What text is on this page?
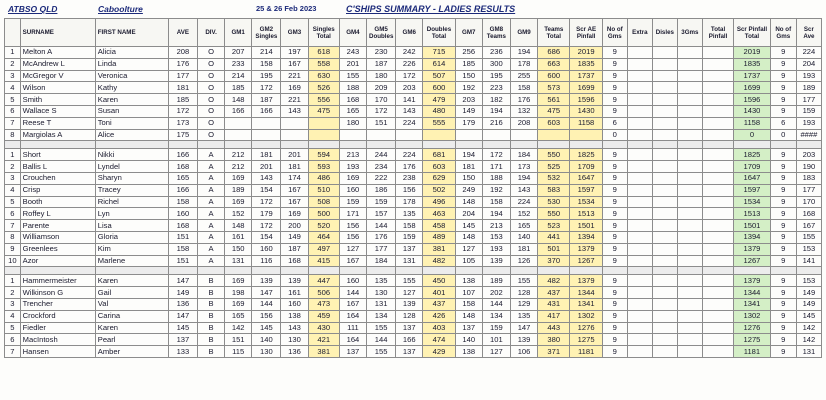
ATBSO QLD	Caboolture	25 & 26 Feb 2023	C'SHIPS SUMMARY - LADIES RESULTS
	SURNAME	FIRST NAME	AVE	DIV.	GM1	GM2 Singles	GM3	Singles Total	GM4	GM5 Doubles	GM6	Doubles Total	GM7	GM8 Teams	GM9	Teams Total	Scr AE Pinfall	No of Gms	Extra	Disles	3Gms	Total Pinfall	Scr Pinfall Total	No of Gms	Scr Ave
1	Melton A	Alicia	208	O	207	214	197	618	243	230	242	715	256	236	194	686	2019	9					2019	9	224
2	McAndrew L	Linda	176	O	233	158	167	558	201	187	226	614	185	300	178	663	1835	9					1835	9	204
3	McGregor V	Veronica	177	O	214	195	221	630	155	180	172	507	150	195	255	600	1737	9					1737	9	193
4	Wilson	Kathy	181	O	185	172	169	526	188	209	203	600	192	223	158	573	1699	9					1699	9	189
5	Smith	Karen	185	O	148	187	221	556	168	170	141	479	203	182	176	561	1596	9					1596	9	177
6	Wallace S	Susan	172	O	166	166	143	475	165	172	143	480	149	194	132	475	1430	9					1430	9	159
7	Reese T	Toni	173	O					180	151	224	555	179	216	208	603	1158	6					1158	6	193
8	Margiolas A	Alice	175	O														0					0	0	####

1	Short	Nikki	166	A	212	181	201	594	213	244	224	681	194	172	184	550	1825	9					1825	9	203
2	Ballis L	Lyndel	168	A	212	201	181	593	193	234	176	603	181	171	173	525	1709	9					1709	9	190
3	Crouchen	Sharyn	165	A	169	143	174	486	169	222	238	629	150	188	194	532	1647	9					1647	9	183
4	Crisp	Tracey	166	A	189	154	167	510	160	186	156	502	249	192	143	583	1597	9					1597	9	177
5	Booth	Richel	158	A	169	172	167	508	159	159	178	496	148	158	224	530	1534	9					1534	9	170
6	Roffey L	Lyn	160	A	152	179	169	500	171	157	135	463	204	194	152	550	1513	9					1513	9	168
7	Parente	Lisa	168	A	148	172	200	520	156	144	158	458	145	213	165	523	1501	9					1501	9	167
8	Williamson	Gloria	151	A	161	154	149	464	156	176	159	489	148	153	140	441	1394	9					1394	9	155
9	Greenlees	Kim	158	A	150	160	187	497	127	177	137	381	127	193	181	501	1379	9					1379	9	153
10	Azor	Marlene	151	A	131	116	168	415	167	184	131	482	105	139	126	370	1267	9					1267	9	141

1	Hammermeister	Karen	147	B	169	139	139	447	160	135	155	450	138	189	155	482	1379	9					1379	9	153
2	Wilkinson G	Gail	149	B	198	147	161	506	144	130	127	401	107	202	128	437	1344	9					1344	9	149
3	Trencher	Val	136	B	169	144	160	473	167	131	139	437	158	144	129	431	1341	9					1341	9	149
4	Crockford	Carina	147	B	165	156	138	459	164	134	128	426	148	134	135	417	1302	9					1302	9	145
5	Fiedler	Karen	145	B	142	145	143	430	111	155	137	403	137	159	147	443	1276	9					1276	9	142
6	MacIntosh	Pearl	137	B	151	140	130	421	164	144	166	474	140	101	139	380	1275	9					1275	9	142
7	Hansen	Amber	133	B	115	130	136	381	137	155	137	429	138	127	106	371	1181	9					1181	9	131
